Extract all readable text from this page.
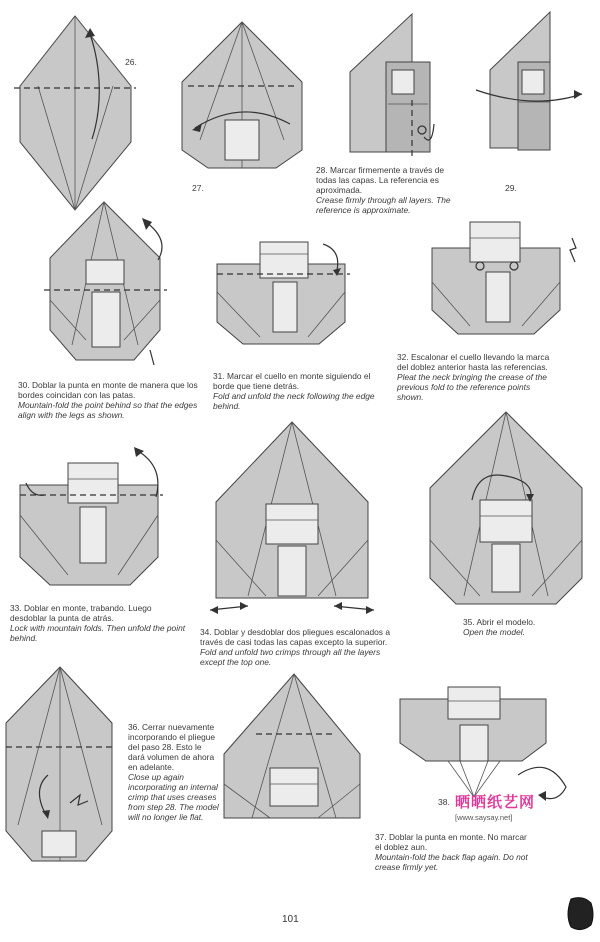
26.
27.
28. Marcar firmemente a través de todas las capas. La referencia es aproximada.
Crease firmly through all layers. The reference is approximate.
29.
30. Doblar la punta en monte de manera que los bordes coincidan con las patas.
Mountain-fold the point behind so that the edges align with the legs as shown.
31. Marcar el cuello en monte siguiendo el borde que tiene detrás.
Fold and unfold the neck following the edge behind.
32. Escalonar el cuello llevando la marca del doblez anterior hasta las referencias.
Pleat the neck bringing the crease of the previous fold to the reference points shown.
33. Doblar en monte, trabando. Luego desdoblar la punta de atrás.
Lock with mountain folds. Then unfold the point behind.
34. Doblar y desdoblar dos pliegues escalonados a través de casi todas las capas excepto la superior.
Fold and unfold two crimps through all the layers except the top one.
35. Abrir el modelo.
Open the model.
36. Cerrar nuevamente incorporando el pliegue del paso 28. Esto le dará volumen de ahora en adelante.
Close up again incorporating an internal crimp that uses creases from step 28. The model will no longer lie flat.
37. Doblar la punta en monte. No marcar el doblez aun.
Mountain-fold the back flap again. Do not crease firmly yet.
38. 晒晒纸艺网
[www.saysay.net]
101
